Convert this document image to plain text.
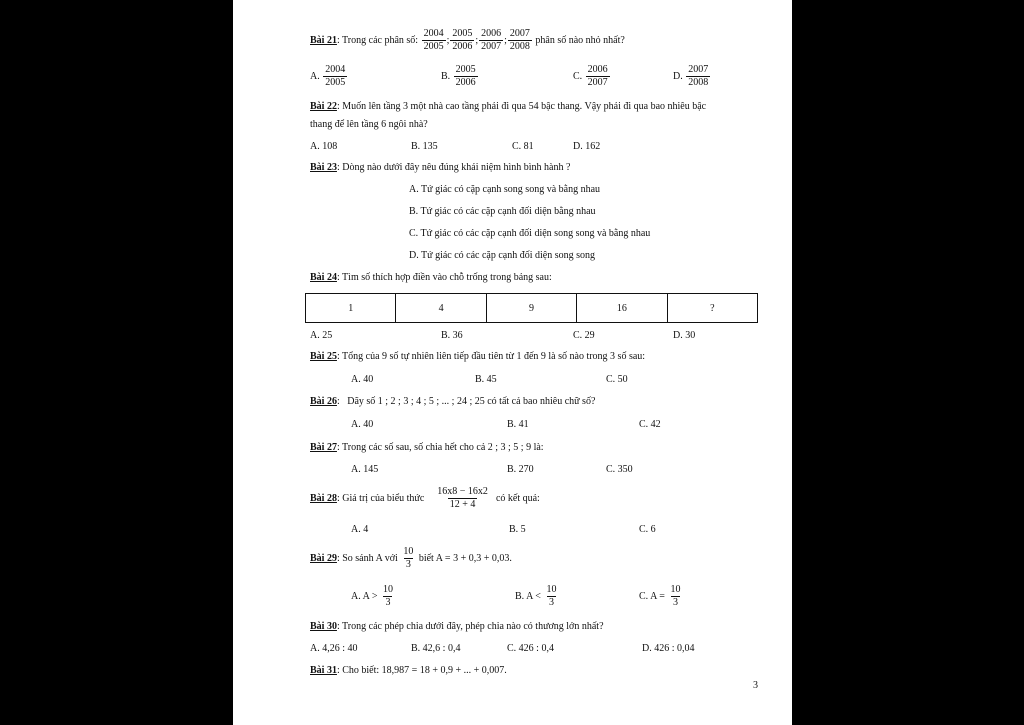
Bài 21: Trong các phân số: $\frac{2004}{2005}$ ; $\frac{2005}{2006}$ ; $\frac{2006}{2007}$ ; $\frac{2007}{2008}$ phân số nào nhỏ nhất?
A. $\frac{2004}{2005}$	B. $\frac{2005}{2006}$	C. $\frac{2006}{2007}$	D. $\frac{2007}{2008}$
Bài 22: Muốn lên tầng 3 một nhà cao tầng phải đi qua 54 bậc thang. Vậy phải đi qua bao nhiêu bậc
thang để lên tầng 6 ngôi nhà?
A. 108	B. 135	C. 81	D. 162
Bài 23: Dòng nào dưới đây nêu đúng khái niệm hình bình hành ?
A. Tứ giác có cặp cạnh song song và bằng nhau
B. Tứ giác có các cặp cạnh đối diện bằng nhau
C. Tứ giác có các cặp cạnh đối diện song song và bằng nhau
D. Tứ giác có các cặp cạnh đối diện song song
Bài 24: Tìm số thích hợp điền vào chỗ trống trong bảng sau:
1	4	9	16	?
A. 25	B. 36	C. 29	D. 30
Bài 25: Tổng của 9 số tự nhiên liên tiếp đầu tiên từ 1 đến 9 là số nào trong 3 số sau:
A. 40	B. 45	C. 50
Bài 26:   Dãy số 1 ; 2 ; 3 ; 4 ; 5 ; ... ; 24 ; 25 có tất cả bao nhiêu chữ số?
A. 40	B. 41	C. 42
Bài 27: Trong các số sau, số chia hết cho cả 2 ; 3 ; 5 ; 9 là:
A. 145	B. 270	C. 350
Bài 28: Giá trị của biểu thức $\frac{16x8 - 16x2}{12 + 4}$ có kết quả:
A. 4	B. 5	C. 6
Bài 29: So sánh A với $\frac{10}{3}$ biết A = 3 + 0,3 + 0,03.
A. $A > \frac{10}{3}$	B. $A < \frac{10}{3}$	C. $A = \frac{10}{3}$
Bài 30: Trong các phép chia dưới đây, phép chia nào có thương lớn nhất?
A. 4,26 : 40	B. 42,6 : 0,4	C. 426 : 0,4	D. 426 : 0,04
Bài 31: Cho biết: 18,987 = 18 + 0,9 + ... + 0,007.
3
